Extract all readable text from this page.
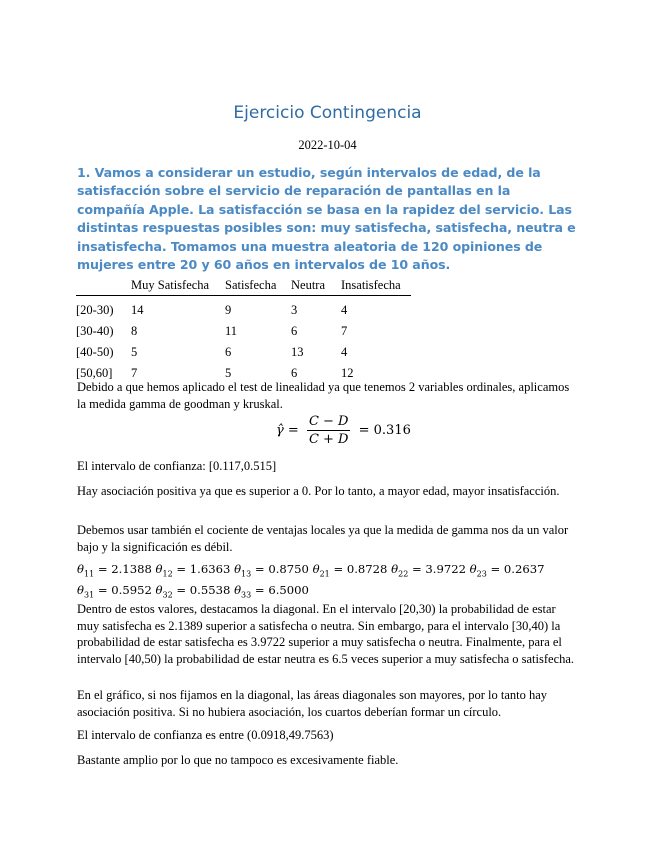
Ejercicio Contingencia
2022-10-04
1. Vamos a considerar un estudio, según intervalos de edad, de la satisfacción sobre el servicio de reparación de pantallas en la compañía Apple. La satisfacción se basa en la rapidez del servicio. Las distintas respuestas posibles son: muy satisfecha, satisfecha, neutra e insatisfecha. Tomamos una muestra aleatoria de 120 opiniones de mujeres entre 20 y 60 años en intervalos de 10 años.
	Muy Satisfecha	Satisfecha	Neutra	Insatisfecha
[20-30)	14	9	3	4
[30-40)	8	11	6	7
[40-50)	5	6	13	4
[50,60]	7	5	6	12
Debido a que hemos aplicado el test de linealidad ya que tenemos 2 variables ordinales, aplicamos la medida gamma de goodman y kruskal.
γ̂ = $\frac{C - D}{C + D} = 0.316$
El intervalo de confianza: [0.117,0.515]
Hay asociación positiva ya que es superior a 0. Por lo tanto, a mayor edad, mayor insatisfacción.
Debemos usar también el cociente de ventajas locales ya que la medida de gamma nos da un valor bajo y la significación es débil.
$\theta_{11} = 2.1388$ $\theta_{12} = 1.6363$ $\theta_{13} = 0.8750$ $\theta_{21} = 0.8728$ $\theta_{22} = 3.9722$ $\theta_{23} = 0.2637$ $\theta_{31} = 0.5952$ $\theta_{32} = 0.5538$ $\theta_{33} = 6.5000$
Dentro de estos valores, destacamos la diagonal. En el intervalo [20,30) la probabilidad de estar muy satisfecha es 2.1389 superior a satisfecha o neutra. Sin embargo, para el intervalo [30,40) la probabilidad de estar satisfecha es 3.9722 superior a muy satisfecha o neutra. Finalmente, para el intervalo [40,50) la probabilidad de estar neutra es 6.5 veces superior a muy satisfecha o satisfecha.
En el gráfico, si nos fijamos en la diagonal, las áreas diagonales son mayores, por lo tanto hay asociación positiva. Si no hubiera asociación, los cuartos deberían formar un círculo.
El intervalo de confianza es entre (0.0918,49.7563)
Bastante amplio por lo que no tampoco es excesivamente fiable.
